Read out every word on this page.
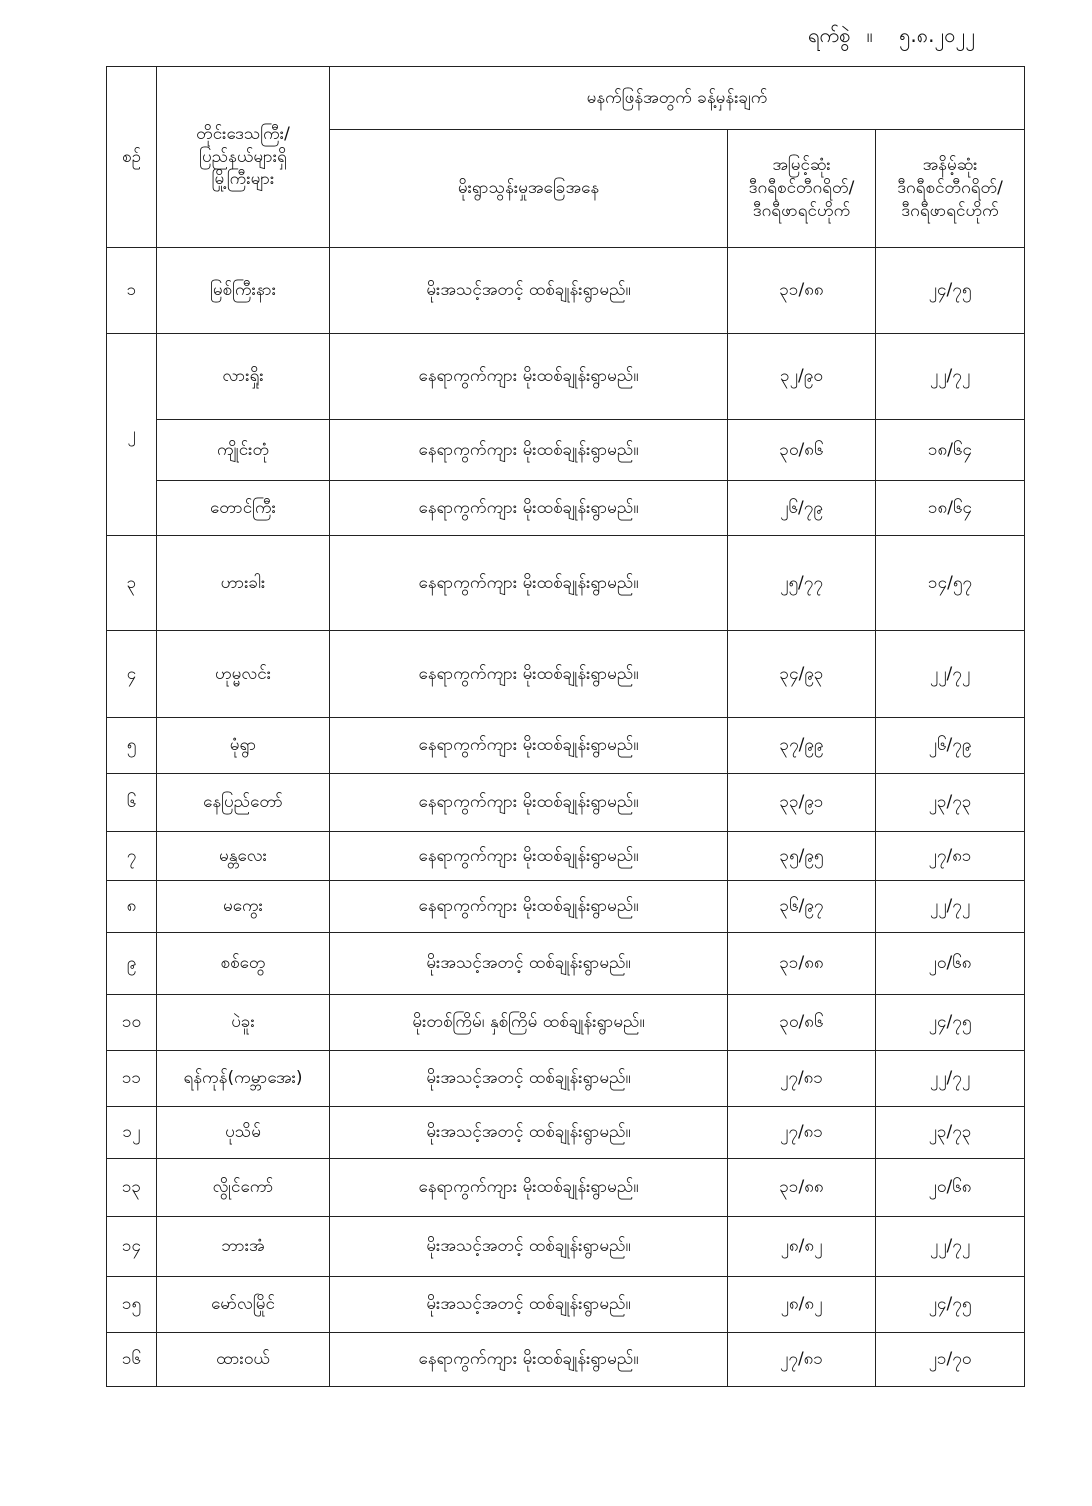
ရက်စွဲ ။ ၅.၈.၂၀၂၂
စဉ်	တိုင်းဒေသကြီး/
ပြည်နယ်များရှိ
မြို့ကြီးများ	မနက်ဖြန်အတွက် ခန့်မှန်းချက်		
		မိုးရွာသွန်းမှုအခြေအနေ	အမြင့်ဆုံး
ဒီဂရီစင်တီဂရိတ်/
ဒီဂရီဖာရင်ဟိုက်	အနိမ့်ဆုံး
ဒီဂရီစင်တီဂရိတ်/
ဒီဂရီဖာရင်ဟိုက်

၁	မြစ်ကြီးနား	မိုးအသင့်အတင့် ထစ်ချုန်းရွာမည်။	၃၁/၈၈	၂၄/၇၅
၂	လားရှိုး	နေရာကွက်ကျား မိုးထစ်ချုန်းရွာမည်။	၃၂/၉၀	၂၂/၇၂
	ကျိုင်းတုံ	နေရာကွက်ကျား မိုးထစ်ချုန်းရွာမည်။	၃၀/၈၆	၁၈/၆၄
	တောင်ကြီး	နေရာကွက်ကျား မိုးထစ်ချုန်းရွာမည်။	၂၆/၇၉	၁၈/၆၄
၃	ဟားခါး	နေရာကွက်ကျား မိုးထစ်ချုန်းရွာမည်။	၂၅/၇၇	၁၄/၅၇
၄	ဟုမ္မလင်း	နေရာကွက်ကျား မိုးထစ်ချုန်းရွာမည်။	၃၄/၉၃	၂၂/၇၂
၅	မုံရွာ	နေရာကွက်ကျား မိုးထစ်ချုန်းရွာမည်။	၃၇/၉၉	၂၆/၇၉
၆	နေပြည်တော်	နေရာကွက်ကျား မိုးထစ်ချုန်းရွာမည်။	၃၃/၉၁	၂၃/၇၃
၇	မန္တလေး	နေရာကွက်ကျား မိုးထစ်ချုန်းရွာမည်။	၃၅/၉၅	၂၇/၈၁
၈	မကွေး	နေရာကွက်ကျား မိုးထစ်ချုန်းရွာမည်။	၃၆/၉၇	၂၂/၇၂
၉	စစ်တွေ	မိုးအသင့်အတင့် ထစ်ချုန်းရွာမည်။	၃၁/၈၈	၂၀/၆၈
၁၀	ပဲခူး	မိုးတစ်ကြိမ်၊ နှစ်ကြိမ် ထစ်ချုန်းရွာမည်။	၃၀/၈၆	၂၄/၇၅
၁၁	ရန်ကုန်(ကမ္ဘာအေး)	မိုးအသင့်အတင့် ထစ်ချုန်းရွာမည်။	၂၇/၈၁	၂၂/၇၂
၁၂	ပုသိမ်	မိုးအသင့်အတင့် ထစ်ချုန်းရွာမည်။	၂၇/၈၁	၂၃/၇၃
၁၃	လွိုင်ကော်	နေရာကွက်ကျား မိုးထစ်ချုန်းရွာမည်။	၃၁/၈၈	၂၀/၆၈
၁၄	ဘားအံ	မိုးအသင့်အတင့် ထစ်ချုန်းရွာမည်။	၂၈/၈၂	၂၂/၇၂
၁၅	မော်လမြိုင်	မိုးအသင့်အတင့် ထစ်ချုန်းရွာမည်။	၂၈/၈၂	၂၄/၇၅
၁၆	ထားဝယ်	နေရာကွက်ကျား မိုးထစ်ချုန်းရွာမည်။	၂၇/၈၁	၂၁/၇၀
